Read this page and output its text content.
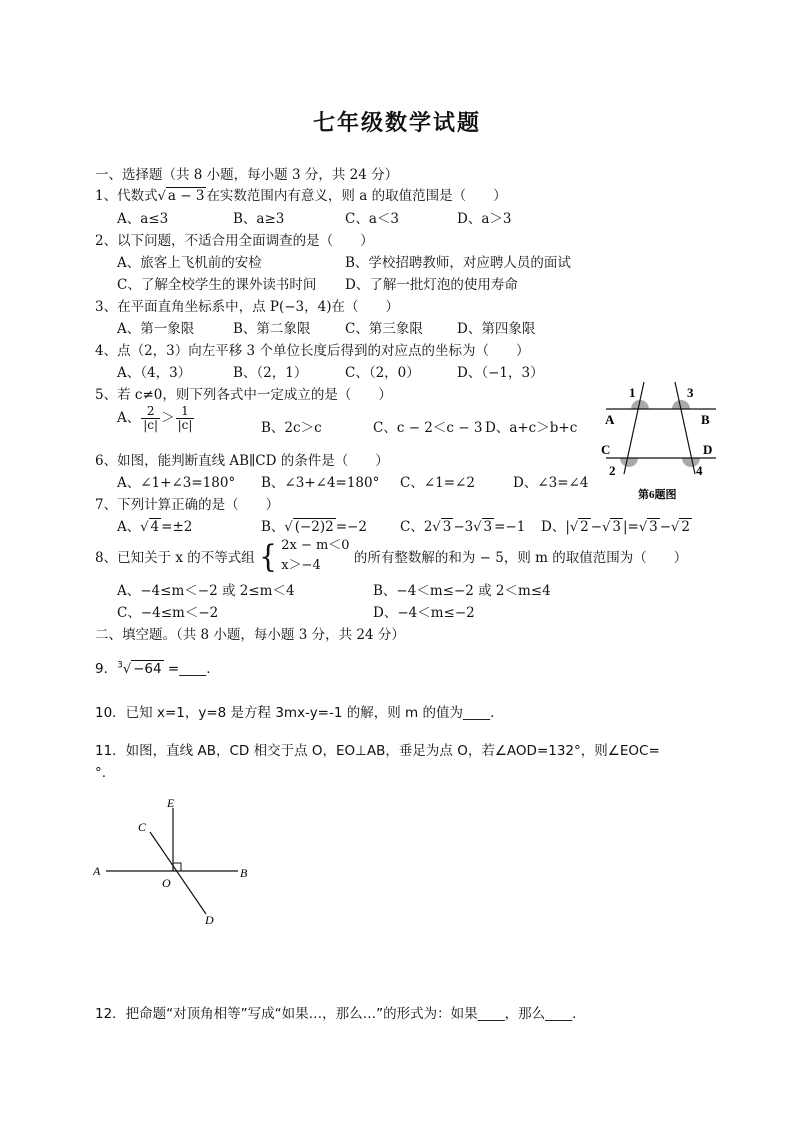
七年级数学试题
一、选择题（共 8 小题，每小题 3 分，共 24 分）
1、代数式√ a − 3 在实数范围内有意义，则 a 的取值范围是（　　）
A、a≤3	B、a≥3	C、a＜3	D、a＞3
2、以下问题，不适合用全面调查的是（　　）
A、旅客上飞机前的安检	B、学校招聘教师，对应聘人员的面试
C、了解全校学生的课外读书时间 D、了解一批灯泡的使用寿命
3、在平面直角坐标系中，点 P(−3，4)在（　　）
A、第一象限	B、第二象限	C、第三象限	D、第四象限
4、点（2，3）向左平移 3 个单位长度后得到的对应点的坐标为（　　）
A、（4，3）	B、（2，1）	C、（2，0）	D、（−1，3）
5、若 c≠0，则下列各式中一定成立的是（　　）
A、 $\frac{2}{|c|} > \frac{1}{|c|}$	B、2c＞c	C、c − 2＜c − 3 D、a+c＞b+c
1	3
A	B
C	D
2	4
第6题图
6、如图，能判断直线 AB∥CD 的条件是（　　）
A、∠1+∠3=180° B、∠3+∠4=180° C、∠1=∠2	D、∠3=∠4
7、下列计算正确的是（　　）
A、√ 4 =±2	B、√ (−2)2 =−2 C、2√ 3 −3√ 3 =−1 D、|√ 2 −√ 3 |=√ 3 −√ 2
8、已知关于 x 的不等式组 { 2x − m＜0
x＞−4	的所有整数解的和为 − 5，则 m 的取值范围为（　　）
A、−4≤m＜−2 或 2≤m＜4	B、−4＜m≤−2 或 2＜m≤4
C、−4≤m＜−2	D、−4＜m≤−2
二、填空题。（共 8 小题，每小题 3 分，共 24 分）
9．$^3$√ −64 =____.
10．已知 x=1，y=8 是方程 3mx-y=-1 的解，则 m 的值为____.
11．如图，直线 AB，CD 相交于点 O，EO⊥AB，垂足为点 O，若∠AOD=132°，则∠EOC=
°.
E
C
A
O
B
D
12．把命题“对顶角相等”写成“如果…，那么…”的形式为：如果____，那么____.
